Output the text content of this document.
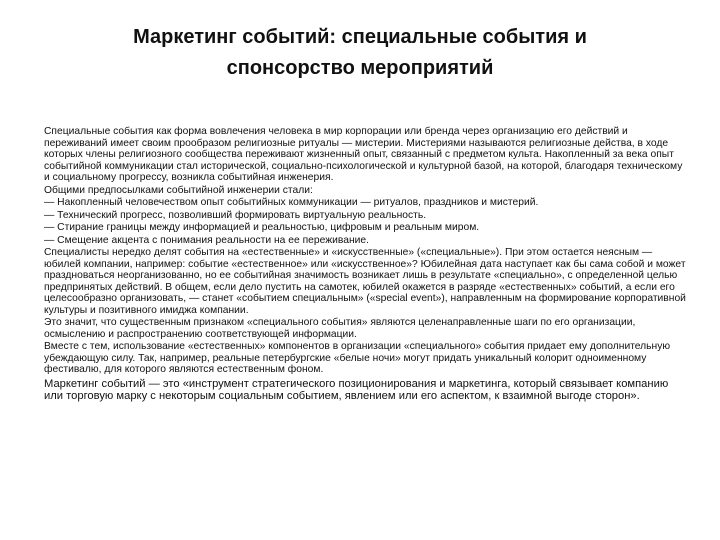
Маркетинг событий: специальные события и
спонсорство мероприятий

Специальные события как форма вовлечения человека в мир корпорации или бренда через организацию его действий и переживаний имеет своим прообразом религиозные ритуалы — мистерии. Мистериями называются религиозные действа, в ходе которых члены религиозного сообщества переживают жизненный опыт, связанный с предметом культа. Накопленный за века опыт событийной коммуникации стал исторической, социально-психологической и культурной базой, на которой, благодаря техническому и социальному прогрессу, возникла событийная инженерия.

Общими предпосылками событийной инженерии стали:

— Накопленный человечеством опыт событийных коммуникации — ритуалов, праздников и мистерий.

— Технический прогресс, позволивший формировать виртуальную реальность.

— Стирание границы между информацией и реальностью, цифровым и реальным миром.

— Смещение акцента с понимания реальности на ее переживание.

Специалисты нередко делят события на «естественные» и «искусственные» («специальные»). При этом остается неясным — юбилей компании, например: событие «естественное» или «искусственное»? Юбилейная дата наступает как бы сама собой и может праздноваться неорганизованно, но ее событийная значимость возникает лишь в результате «специально», с определенной целью предпринятых действий. В общем, если дело пустить на самотек, юбилей окажется в разряде «естественных» событий, а если его целесообразно организовать, — станет «событием специальным» («special event»), направленным на формирование корпоративной культуры и позитивного имиджа компании.

Это значит, что существенным признаком «специального события» являются целенаправленные шаги по его организации, осмыслению и распространению соответствующей информации.

Вместе с тем, использование «естественных» компонентов в организации «специального» события придает ему дополнительную убеждающую силу. Так, например, реальные петербургские «белые ночи» могут придать уникальный колорит одноименному фестивалю, для которого являются естественным фоном.

Маркетинг событий — это «инструмент стратегического позиционирования и маркетинга, который связывает компанию или торговую марку с некоторым социальным событием, явлением или его аспектом, к взаимной выгоде сторон».
